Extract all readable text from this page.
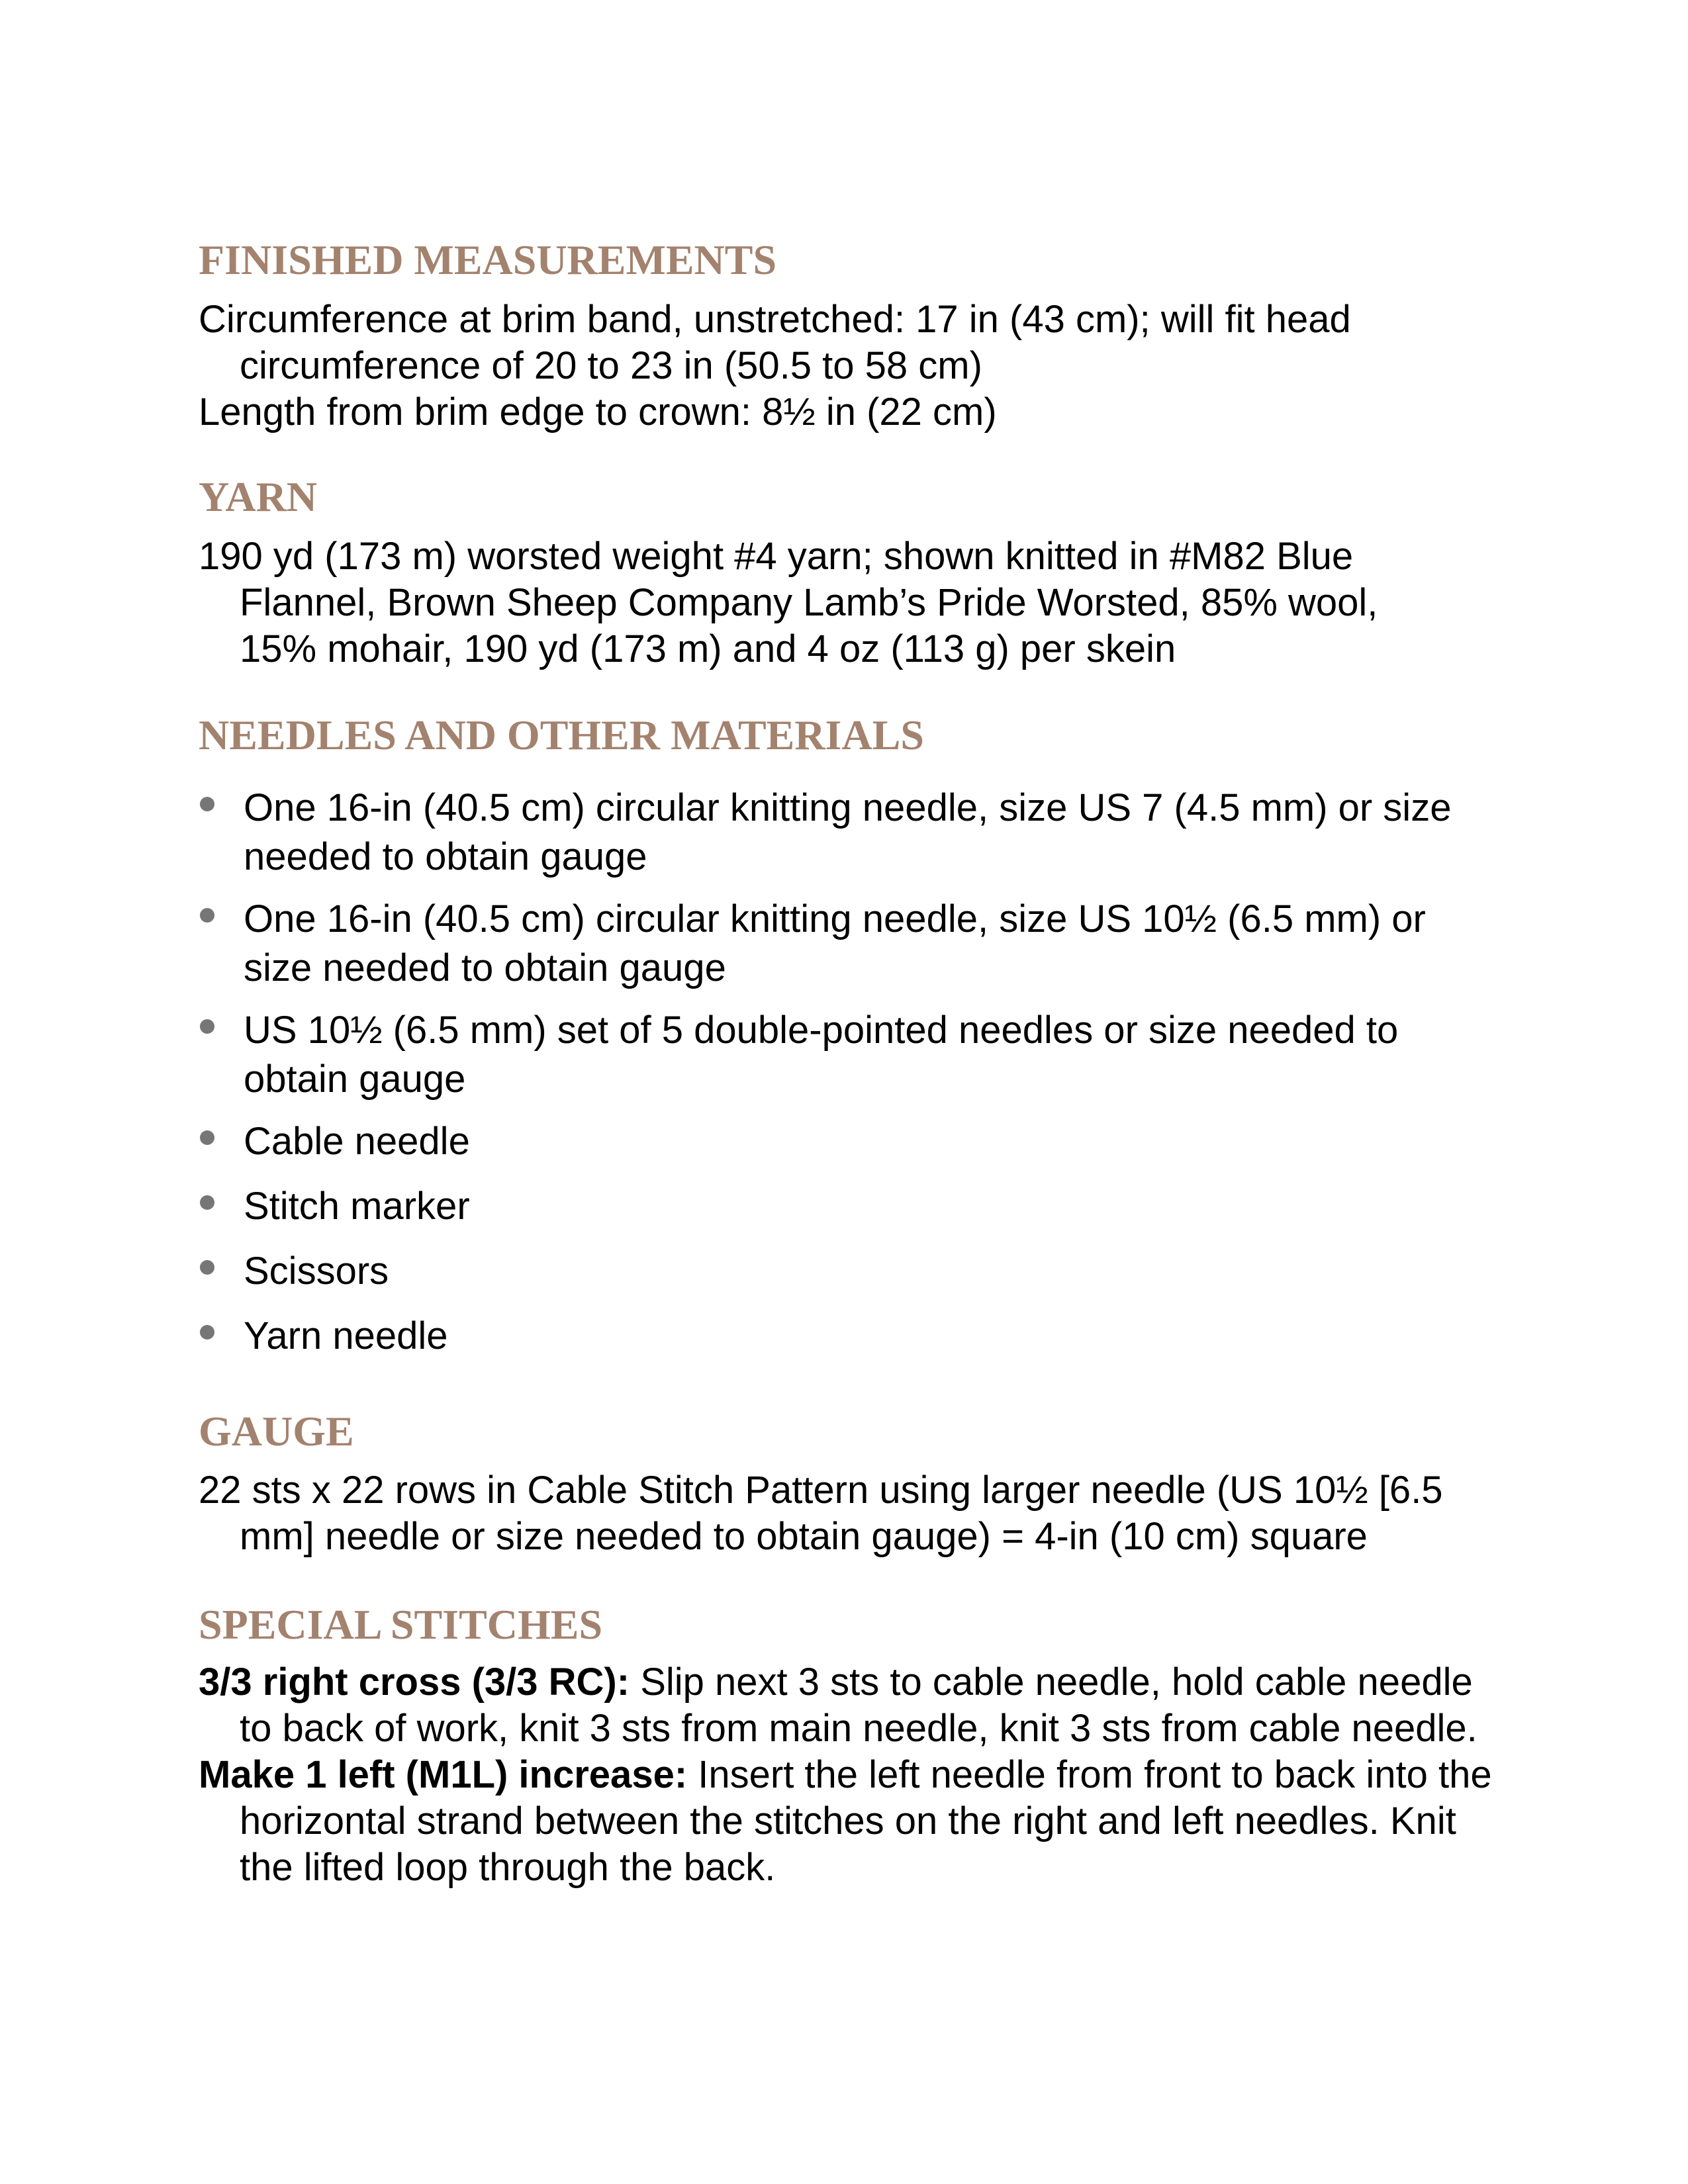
FINISHED MEASUREMENTS

Circumference at brim band, unstretched: 17 in (43 cm); will fit head circumference of 20 to 23 in (50.5 to 58 cm)

Length from brim edge to crown: 8½ in (22 cm)

YARN

190 yd (173 m) worsted weight #4 yarn; shown knitted in #M82 Blue Flannel, Brown Sheep Company Lamb’s Pride Worsted, 85% wool, 15% mohair, 190 yd (173 m) and 4 oz (113 g) per skein

NEEDLES AND OTHER MATERIALS
One 16-in (40.5 cm) circular knitting needle, size US 7 (4.5 mm) or size needed to obtain gauge
One 16-in (40.5 cm) circular knitting needle, size US 10½ (6.5 mm) or size needed to obtain gauge
US 10½ (6.5 mm) set of 5 double-pointed needles or size needed to obtain gauge
Cable needle
Stitch marker
Scissors
Yarn needle
GAUGE

22 sts x 22 rows in Cable Stitch Pattern using larger needle (US 10½ [6.5 mm] needle or size needed to obtain gauge) = 4-in (10 cm) square

SPECIAL STITCHES

3/3 right cross (3/3 RC): Slip next 3 sts to cable needle, hold cable needle to back of work, knit 3 sts from main needle, knit 3 sts from cable needle.

Make 1 left (M1L) increase: Insert the left needle from front to back into the horizontal strand between the stitches on the right and left needles. Knit the lifted loop through the back.
